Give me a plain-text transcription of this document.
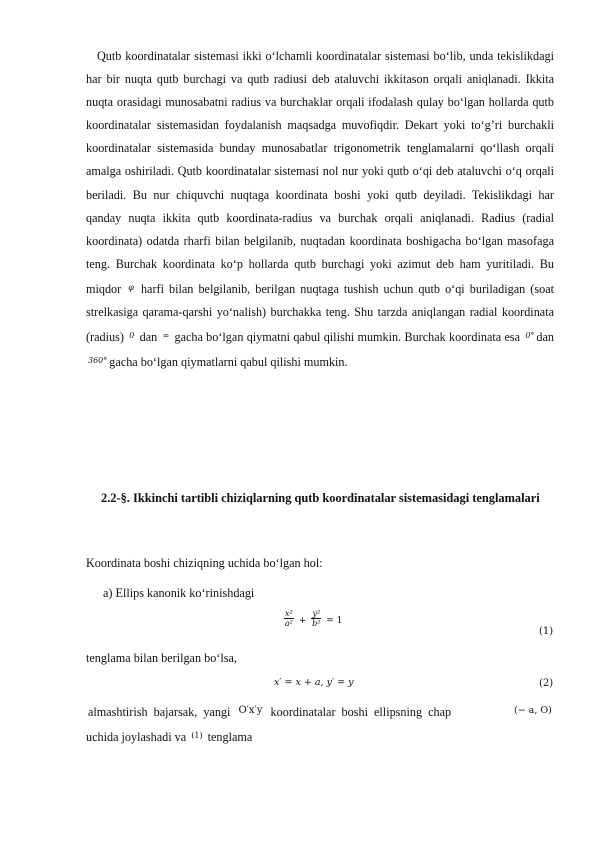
Qutb koordinatalar sistemasi ikki o‘lchamli koordinatalar sistemasi bo‘lib, unda tekislikdagi har bir nuqta qutb burchagi va qutb radiusi deb ataluvchi ikkitason orqali aniqlanadi. Ikkita nuqta orasidagi munosabatni radius va burchaklar orqali ifodalash qulay bo‘lgan hollarda qutb koordinatalar sistemasidan foydalanish maqsadga muvofiqdir. Dekart yoki to‘g’ri burchakli koordinatalar sistemasida bunday munosabatlar trigonometrik tenglamalarni qo‘llash orqali amalga oshiriladi. Qutb koordinatalar sistemasi nol nur yoki qutb o‘qi deb ataluvchi o‘q orqali beriladi. Bu nur chiquvchi nuqtaga koordinata boshi yoki qutb deyiladi. Tekislikdagi har qanday nuqta ikkita qutb koordinata-radius va burchak orqali aniqlanadi. Radius (radial koordinata) odatda rharfi bilan belgilanib, nuqtadan koordinata boshigacha bo‘lgan masofaga teng. Burchak koordinata ko‘p hollarda qutb burchagi yoki azimut deb ham yuritiladi. Bu miqdor $^\varphi$ harfi bilan belgilanib, berilgan nuqtaga tushish uchun qutb o‘qi buriladigan (soat strelkasiga qarama-qarshi yo‘nalish) burchakka teng. Shu tarzda aniqlangan radial koordinata (radius) $^0$ dan ∞ gacha bo‘lgan qiymatni qabul qilishi mumkin. Burchak koordinata esa $^{0^\circ}$ dan $^{360^\circ}$ gacha bo‘lgan qiymatlarni qabul qilishi mumkin.

2.2-§. Ikkinchi tartibli chiziqlarning qutb koordinatalar sistemasidagi tenglamalari

Koordinata boshi chiziqning uchida bo‘lgan hol:

a) Ellips kanonik ko‘rinishdagi

$\frac{\text{x²}}{\text{a²}} + \frac{\text{y²}}{\text{b²}} = 1$
(1)

tenglama bilan berilgan bo‘lsa,

x′ = x + a, y′ = y	(2)

almashtirish bajarsak, yangi $^{O'x'y}$ koordinatalar boshi ellipsning chap	(− a, O)

uchida joylashadi va $^{(1)}$ tenglama
